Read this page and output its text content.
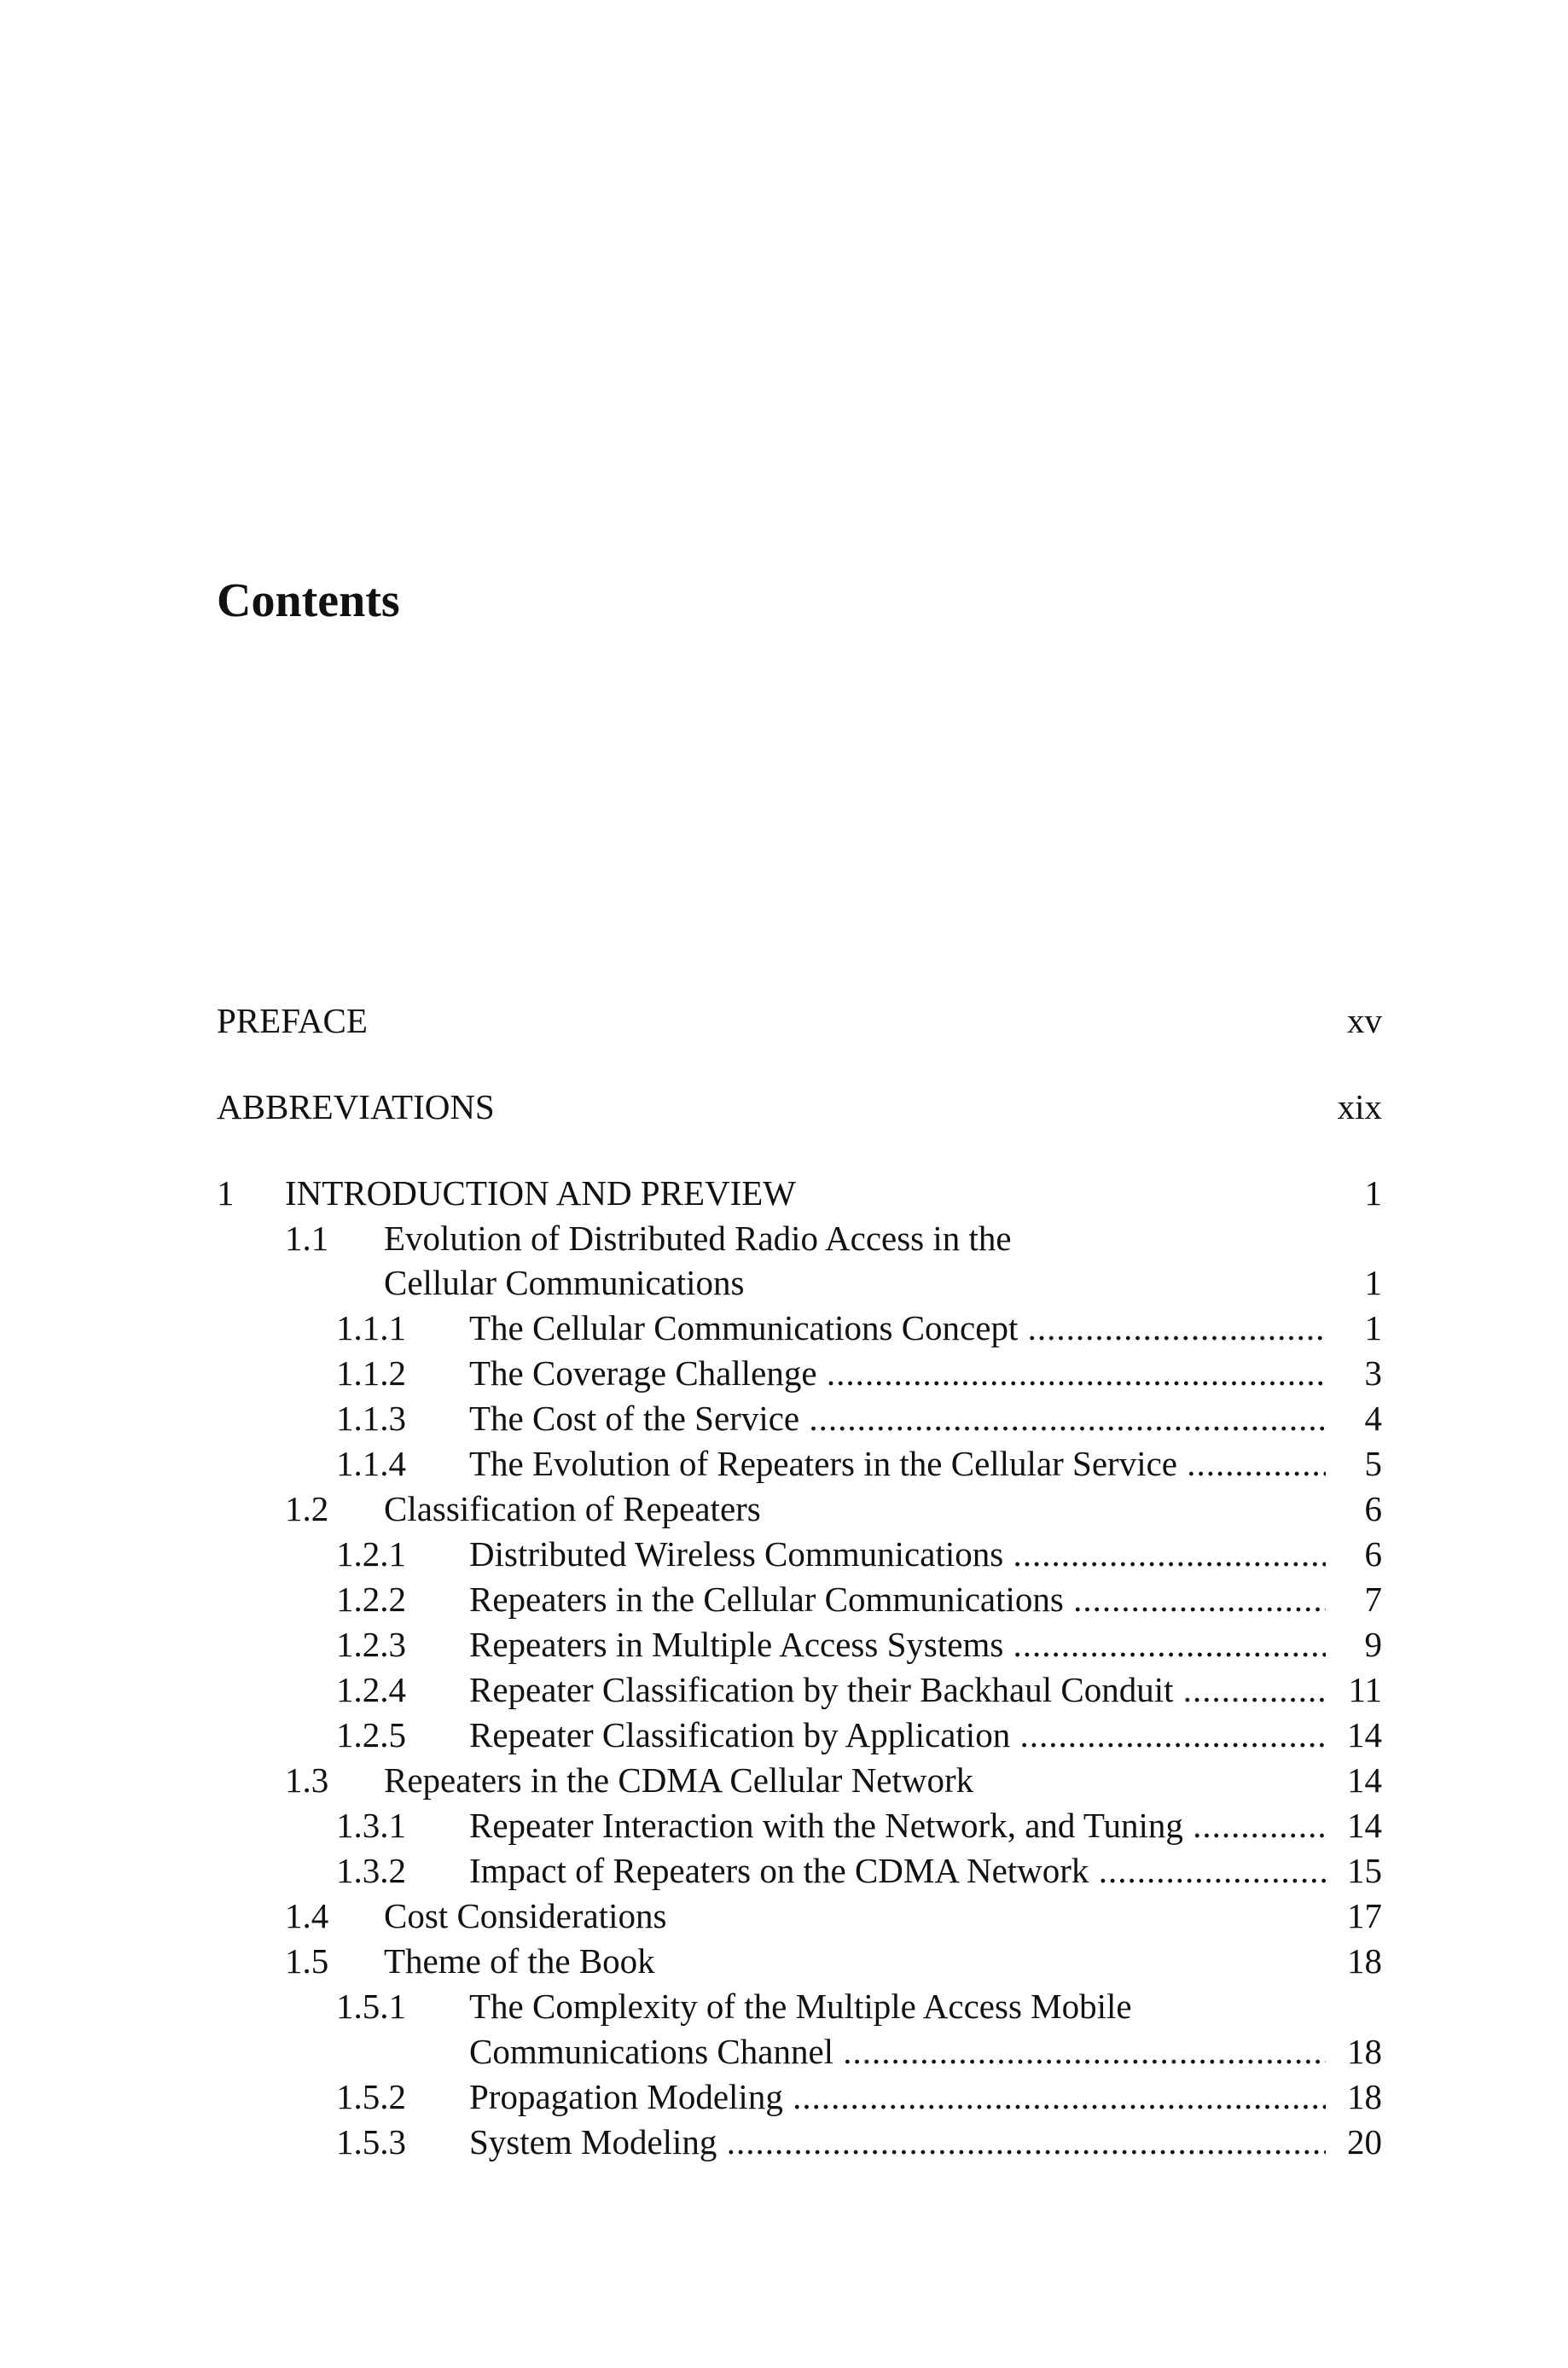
Contents
PREFACE	xv
ABBREVIATIONS	xix
1 INTRODUCTION AND PREVIEW	1
1.1 Evolution of Distributed Radio Access in the
Cellular Communications	1
1.1.1 The Cellular Communications Concept .....	1
1.1.2 The Coverage Challenge .....	3
1.1.3 The Cost of the Service .....	4
1.1.4 The Evolution of Repeaters in the Cellular Service .....	5
1.2 Classification of Repeaters	6
1.2.1 Distributed Wireless Communications .....	6
1.2.2 Repeaters in the Cellular Communications .....	7
1.2.3 Repeaters in Multiple Access Systems .....	9
1.2.4 Repeater Classification by their Backhaul Conduit .....	11
1.2.5 Repeater Classification by Application .....	14
1.3 Repeaters in the CDMA Cellular Network	14
1.3.1 Repeater Interaction with the Network, and Tuning .....	14
1.3.2 Impact of Repeaters on the CDMA Network .....	15
1.4 Cost Considerations	17
1.5 Theme of the Book	18
1.5.1 The Complexity of the Multiple Access Mobile
Communications Channel .....	18
1.5.2 Propagation Modeling .....	18
1.5.3 System Modeling .....	20
